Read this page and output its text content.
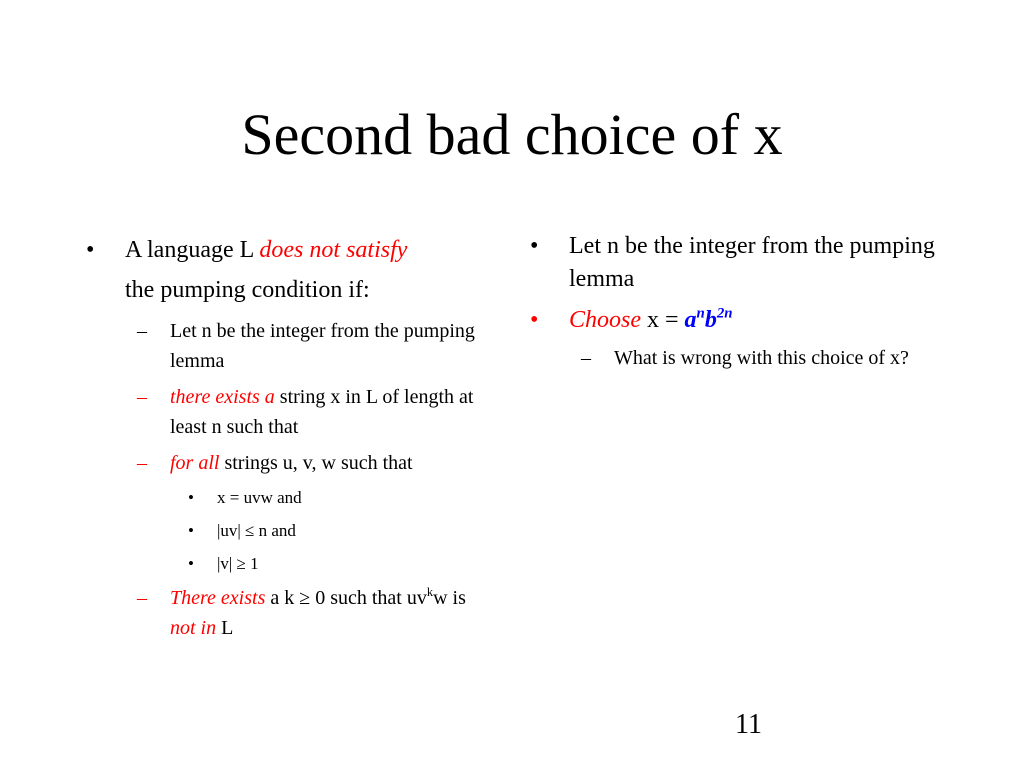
Second bad choice of x
• A language L does not satisfy
the pumping condition if:
– Let n be the integer from the pumping lemma
– there exists a string x in L of length at least n such that
– for all strings u, v, w such that
• x = uvw and
• |uv| ≤ n and
• |v| ≥ 1
– There exists a k ≥ 0 such that $uv^kw$ is not in L
• Let n be the integer from the pumping lemma
• Choose $x = a^nb^{2n}$
– What is wrong with this choice of x?
11
